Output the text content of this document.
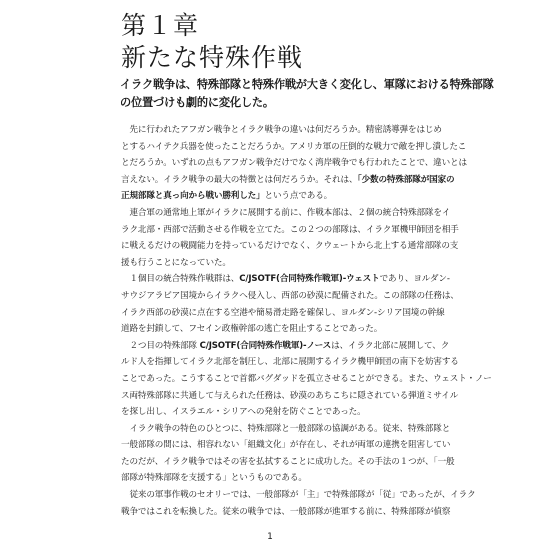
第１章
新たな特殊作戦
イラク戦争は、特殊部隊と特殊作戦が大きく変化し、軍隊における特殊部隊
の位置づけも劇的に変化した。
　先に行われたアフガン戦争とイラク戦争の違いは何だろうか。精密誘導弾をはじめ
とするハイテク兵器を使ったことだろうか。アメリカ軍の圧倒的な戦力で敵を押し潰したこ
とだろうか。いずれの点もアフガン戦争だけでなく湾岸戦争でも行われたことで、違いとは
言えない。イラク戦争の最大の特徴とは何だろうか。それは、「少数の特殊部隊が国家の
正規部隊と真っ向から戦い勝利した」という点である。
　連合軍の通常地上軍がイラクに展開する前に、作戦本部は、２個の統合特殊部隊をイ
ラク北部・西部で活動させる作戦を立てた。この２つの部隊は、イラク軍機甲師団を相手
に戦えるだけの戦闘能力を持っているだけでなく、クウェートから北上する通常部隊の支
援も行うことになっていた。
　１個目の統合特殊作戦群は、C/JSOTF(合同特殊作戦軍)-ウェストであり、ヨルダン-
サウジアラビア国境からイラクへ侵入し、西部の砂漠に配備された。この部隊の任務は、
イラク西部の砂漠に点在する空港や簡易滑走路を確保し、ヨルダン-シリア国境の幹線
道路を封鎖して、フセイン政権幹部の逃亡を阻止することであった。
　２つ目の特殊部隊 C/JSOTF(合同特殊作戦軍)-ノースは、イラク北部に展開して、ク
ルド人を指揮してイラク北部を制圧し、北部に展開するイラク機甲師団の南下を妨害する
ことであった。こうすることで首都バグダッドを孤立させることができる。また、ウェスト・ノー
ス両特殊部隊に共通して与えられた任務は、砂漠のあちこちに隠されている弾道ミサイル
を探し出し、イスラエル・シリアへの発射を防ぐことであった。
　イラク戦争の特色のひとつに、特殊部隊と一般部隊の協調がある。従来、特殊部隊と
一般部隊の間には、相容れない「組織文化」が存在し、それが両軍の連携を阻害してい
たのだが、イラク戦争ではその害を払拭することに成功した。その手法の１つが、「一般
部隊が特殊部隊を支援する」というものである。
　従来の軍事作戦のセオリーでは、一般部隊が「主」で特殊部隊が「従」であったが、イラク
戦争ではこれを転換した。従来の戦争では、一般部隊が進軍する前に、特殊部隊が偵察
1
